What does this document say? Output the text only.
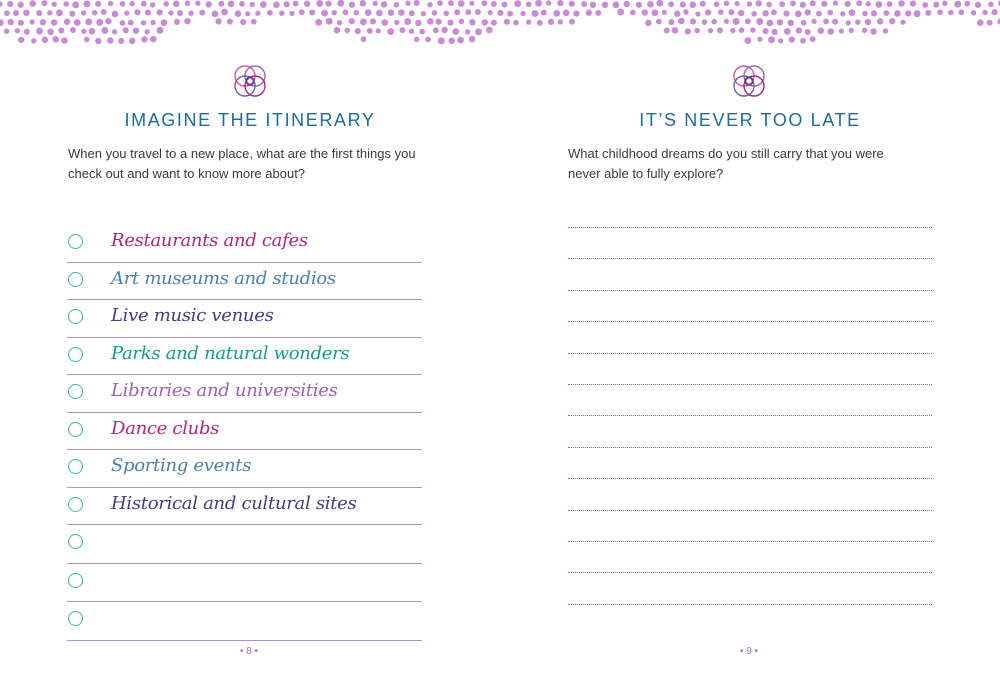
IMAGINE THE ITINERARY

When you travel to a new place, what are the first things you check out and want to know more about?

Restaurants and cafes
Art museums and studios
Live music venues
Parks and natural wonders
Libraries and universities
Dance clubs
Sporting events
Historical and cultural sites
• 8 •
IT’S NEVER TOO LATE

What childhood dreams do you still carry that you were never able to fully explore?

• 9 •
